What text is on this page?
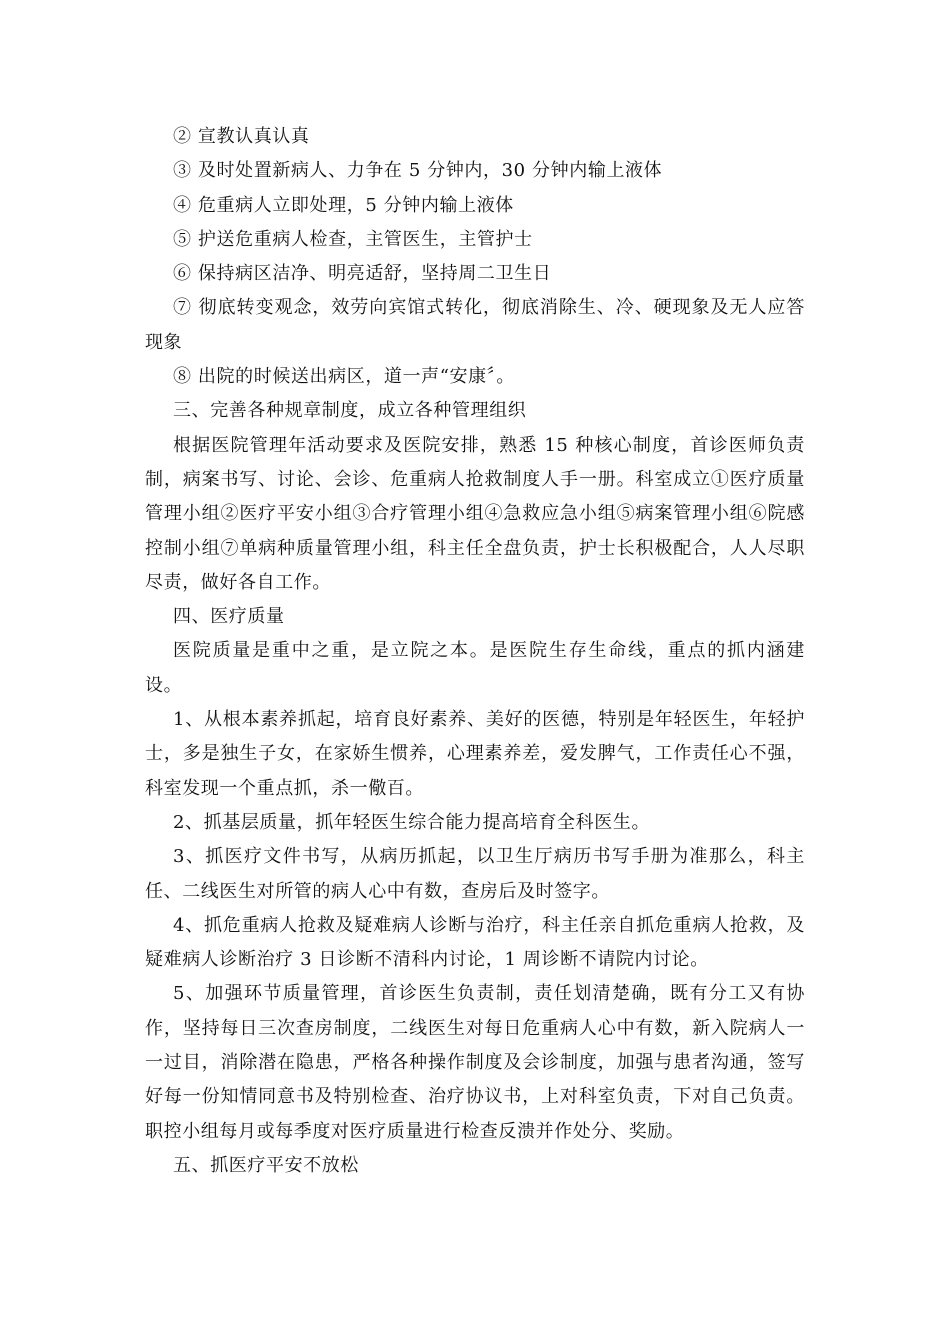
② 宣教认真认真

③ 及时处置新病人、力争在 5 分钟内，30 分钟内输上液体

④ 危重病人立即处理，5 分钟内输上液体

⑤ 护送危重病人检查，主管医生，主管护士

⑥ 保持病区洁净、明亮适舒，坚持周二卫生日

⑦ 彻底转变观念，效劳向宾馆式转化，彻底消除生、冷、硬现象及无人应答现象

⑧ 出院的时候送出病区，道一声“安康〞。

三、完善各种规章制度，成立各种管理组织

根据医院管理年活动要求及医院安排，熟悉 15 种核心制度，首诊医师负责制，病案书写、讨论、会诊、危重病人抢救制度人手一册。科室成立①医疗质量管理小组②医疗平安小组③合疗管理小组④急救应急小组⑤病案管理小组⑥院感控制小组⑦单病种质量管理小组，科主任全盘负责，护士长积极配合，人人尽职尽责，做好各自工作。

四、医疗质量

医院质量是重中之重，是立院之本。是医院生存生命线，重点的抓内涵建设。

1、从根本素养抓起，培育良好素养、美好的医德，特别是年轻医生，年轻护士，多是独生子女，在家娇生惯养，心理素养差，爱发脾气，工作责任心不强，科室发现一个重点抓，杀一儆百。

2、抓基层质量，抓年轻医生综合能力提高培育全科医生。

3、抓医疗文件书写，从病历抓起，以卫生厅病历书写手册为准那么，科主任、二线医生对所管的病人心中有数，查房后及时签字。

4、抓危重病人抢救及疑难病人诊断与治疗，科主任亲自抓危重病人抢救，及疑难病人诊断治疗 3 日诊断不清科内讨论，1 周诊断不请院内讨论。

5、加强环节质量管理，首诊医生负责制，责任划清楚确，既有分工又有协作，坚持每日三次查房制度，二线医生对每日危重病人心中有数，新入院病人一一过目，消除潜在隐患，严格各种操作制度及会诊制度，加强与患者沟通，签写好每一份知情同意书及特别检查、治疗协议书，上对科室负责，下对自己负责。职控小组每月或每季度对医疗质量进行检查反溃并作处分、奖励。

五、抓医疗平安不放松
